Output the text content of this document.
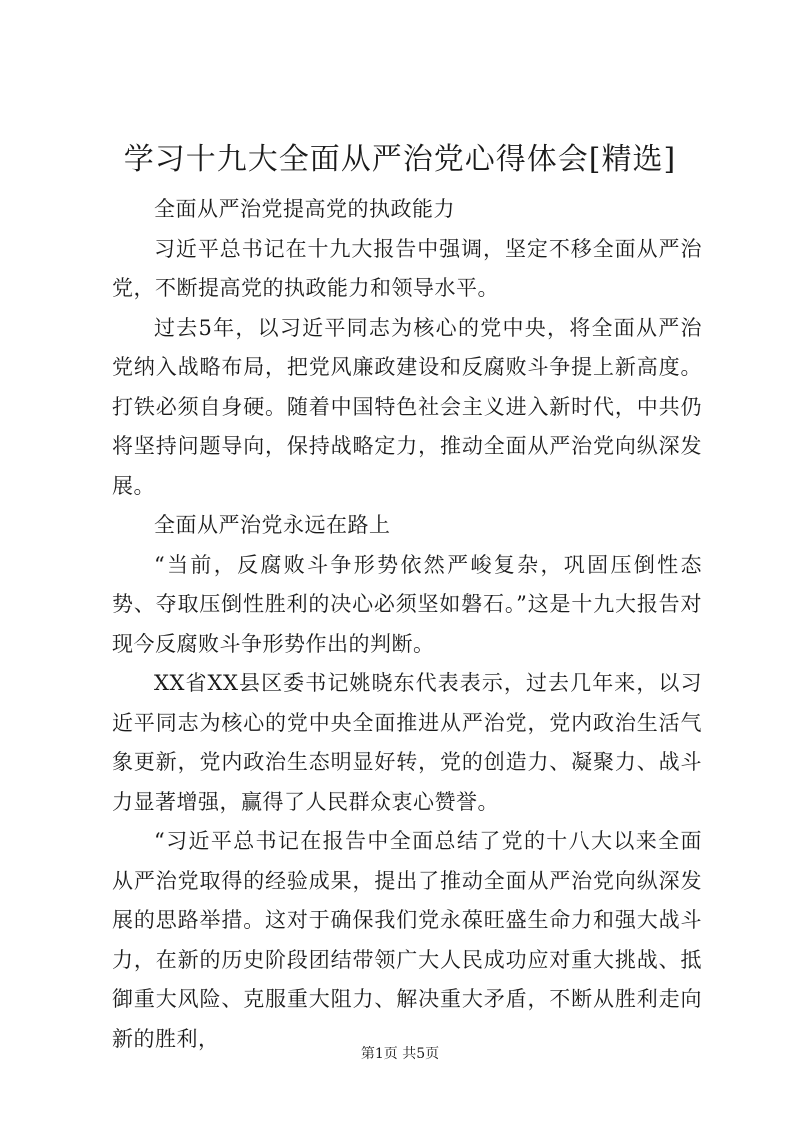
学习十九大全面从严治党心得体会[精选]

全面从严治党提高党的执政能力

习近平总书记在十九大报告中强调，坚定不移全面从严治党，不断提高党的执政能力和领导水平。

过去5年，以习近平同志为核心的党中央，将全面从严治党纳入战略布局，把党风廉政建设和反腐败斗争提上新高度。打铁必须自身硬。随着中国特色社会主义进入新时代，中共仍将坚持问题导向，保持战略定力，推动全面从严治党向纵深发展。

全面从严治党永远在路上

“当前，反腐败斗争形势依然严峻复杂，巩固压倒性态势、夺取压倒性胜利的决心必须坚如磐石。”这是十九大报告对现今反腐败斗争形势作出的判断。

XX省XX县区委书记姚晓东代表表示，过去几年来，以习近平同志为核心的党中央全面推进从严治党，党内政治生活气象更新，党内政治生态明显好转，党的创造力、凝聚力、战斗力显著增强，赢得了人民群众衷心赞誉。

“习近平总书记在报告中全面总结了党的十八大以来全面从严治党取得的经验成果，提出了推动全面从严治党向纵深发展的思路举措。这对于确保我们党永葆旺盛生命力和强大战斗力，在新的历史阶段团结带领广大人民成功应对重大挑战、抵御重大风险、克服重大阻力、解决重大矛盾，不断从胜利走向新的胜利，

第1页 共5页
